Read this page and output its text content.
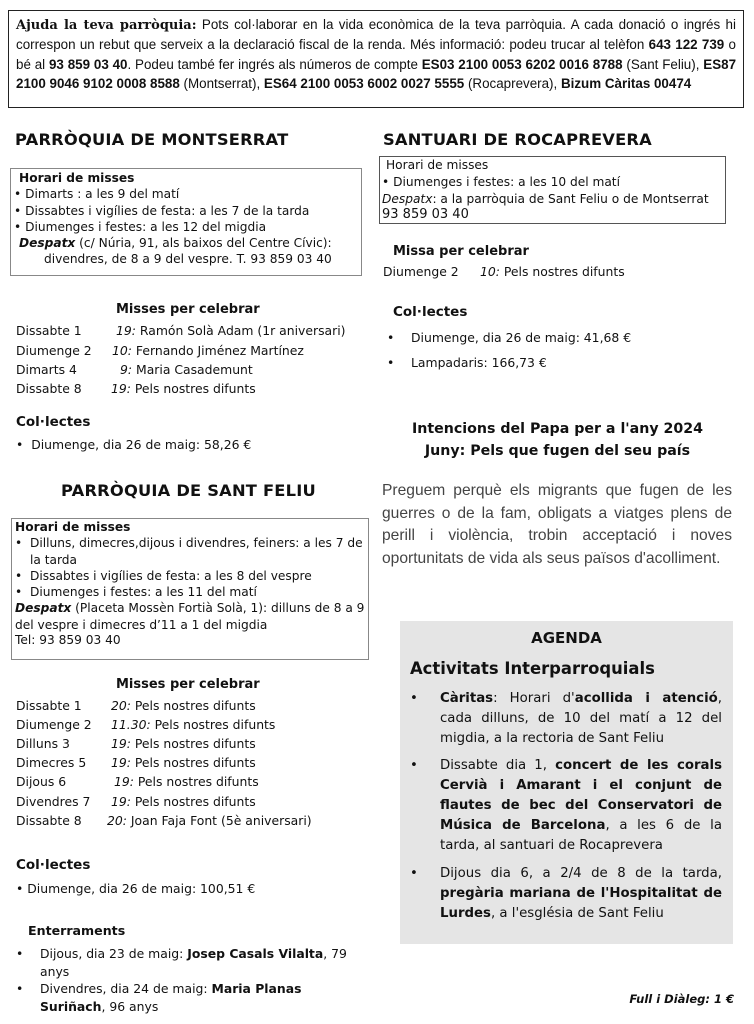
Ajuda la teva parròquia: Pots col·laborar en la vida econòmica de la teva parròquia. A cada donació o ingrés hi correspon un rebut que serveix a la declaració fiscal de la renda. Més informació: podeu trucar al telèfon 643 122 739 o bé al 93 859 03 40. Podeu també fer ingrés als números de compte ES03 2100 0053 6202 0016 8788 (Sant Feliu), ES87 2100 9046 9102 0008 8588 (Montserrat), ES64 2100 0053 6002 0027 5555 (Rocaprevera), Bizum Càritas 00474
PARRÒQUIA DE MONTSERRAT
Horari de misses
• Dimarts : a les 9 del matí
• Dissabtes i vigílies de festa: a les 7 de la tarda
• Diumenges i festes: a les 12 del migdia
Despatx (c/ Núria, 91, als baixos del Centre Cívic):
divendres, de 8 a 9 del vespre. T. 93 859 03 40
Misses per celebrar
Dissabte 1	19: Ramón Solà Adam (1r aniversari)
Diumenge 2 10: Fernando Jiménez Martínez
Dimarts 4	9: Maria Casademunt
Dissabte 8 19: Pels nostres difunts
Col·lectes
• Diumenge, dia 26 de maig: 58,26 €
PARRÒQUIA DE SANT FELIU
Horari de misses
• Dilluns, dimecres,dijous i divendres, feiners: a les 7 de la tarda
• Dissabtes i vigílies de festa: a les 8 del vespre
• Diumenges i festes: a les 11 del matí
Despatx (Placeta Mossèn Fortià Solà, 1): dilluns de 8 a 9 del vespre i dimecres d’11 a 1 del migdia
Tel: 93 859 03 40
Misses per celebrar
Dissabte 1 20: Pels nostres difunts
Diumenge 2 11.30: Pels nostres difunts
Dilluns 3	19: Pels nostres difunts
Dimecres 5 19: Pels nostres difunts
Dijous 6	19: Pels nostres difunts
Divendres 7 19: Pels nostres difunts
Dissabte 8 20: Joan Faja Font (5è aniversari)
Col·lectes
• Diumenge, dia 26 de maig: 100,51 €
Enterraments
• Dijous, dia 23 de maig: Josep Casals Vilalta, 79 anys
• Divendres, dia 24 de maig: Maria Planas Suriñach, 96 anys
SANTUARI DE ROCAPREVERA
Horari de misses
• Diumenges i festes: a les 10 del matí
Despatx: a la parròquia de Sant Feliu o de Montserrat
93 859 03 40
Missa per celebrar
Diumenge 2 10: Pels nostres difunts
Col·lectes
• Diumenge, dia 26 de maig: 41,68 €
• Lampadaris: 166,73 €
Intencions del Papa per a l'any 2024
Juny: Pels que fugen del seu país
Preguem perquè els migrants que fugen de les guerres o de la fam, obligats a viatges plens de perill i violència, trobin acceptació i noves oportunitats de vida als seus països d'acolliment.
AGENDA
Activitats Interparroquials
• Càritas: Horari d'acollida i atenció, cada dilluns, de 10 del matí a 12 del migdia, a la rectoria de Sant Feliu
• Dissabte dia 1, concert de les corals Cervià i Amarant i el conjunt de flautes de bec del Conservatori de Música de Barcelona, a les 6 de la tarda, al santuari de Rocaprevera
• Dijous dia 6, a 2/4 de 8 de la tarda, pregària mariana de l'Hospitalitat de Lurdes, a l'església de Sant Feliu
Full i Diàleg: 1 €
